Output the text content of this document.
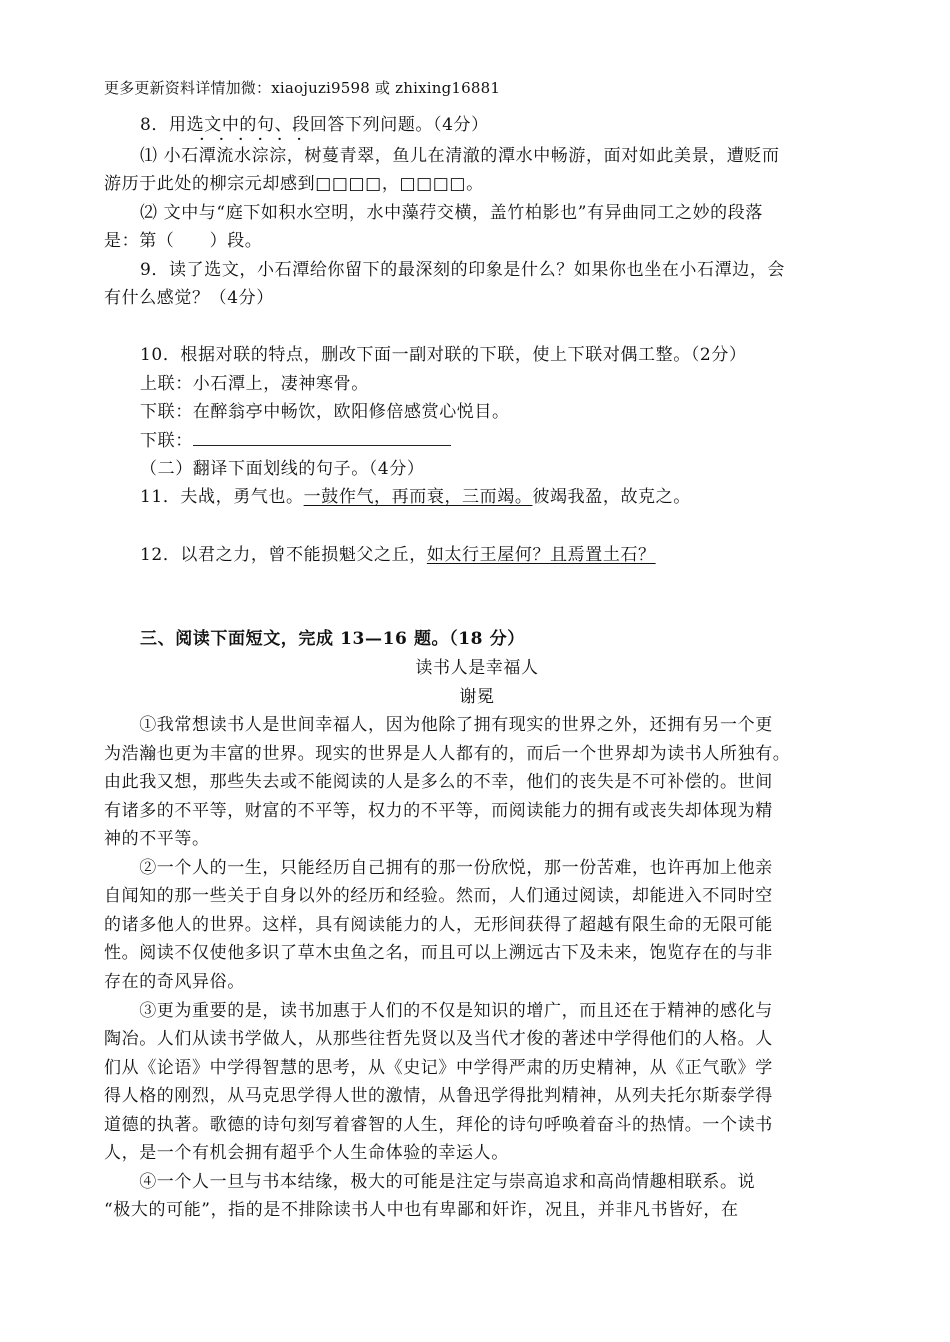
更多更新资料详情加微：xiaojuzi9598 或 zhixing16881
· · · · · ·
8．用选文中的句、段回答下列问题。（4分）
⑴ 小石潭流水淙淙，树蔓青翠，鱼儿在清澈的潭水中畅游，面对如此美景，遭贬而
游历于此处的柳宗元却感到□□□□，□□□□。
⑵ 文中与“庭下如积水空明，水中藻荇交横，盖竹柏影也”有异曲同工之妙的段落
是：第（　　）段。
9．读了选文，小石潭给你留下的最深刻的印象是什么？如果你也坐在小石潭边，会
有什么感觉？（4分）
10．根据对联的特点，删改下面一副对联的下联，使上下联对偶工整。（2分）
上联：小石潭上，凄神寒骨。
下联：在醉翁亭中畅饮，欧阳修倍感赏心悦目。
下联：
（二）翻译下面划线的句子。（4分）
11．夫战，勇气也。一鼓作气，再而衰，三而竭。彼竭我盈，故克之。
12．以君之力，曾不能损魁父之丘，如太行王屋何？且焉置土石？
三、阅读下面短文，完成 13—16 题。（18 分）
读书人是幸福人
谢冕
　　①我常想读书人是世间幸福人，因为他除了拥有现实的世界之外，还拥有另一个更
为浩瀚也更为丰富的世界。现实的世界是人人都有的，而后一个世界却为读书人所独有。
由此我又想，那些失去或不能阅读的人是多么的不幸，他们的丧失是不可补偿的。世间
有诸多的不平等，财富的不平等，权力的不平等，而阅读能力的拥有或丧失却体现为精
神的不平等。
　　②一个人的一生，只能经历自己拥有的那一份欣悦，那一份苦难，也许再加上他亲
自闻知的那一些关于自身以外的经历和经验。然而，人们通过阅读，却能进入不同时空
的诸多他人的世界。这样，具有阅读能力的人，无形间获得了超越有限生命的无限可能
性。阅读不仅使他多识了草木虫鱼之名，而且可以上溯远古下及未来，饱览存在的与非
存在的奇风异俗。
　　③更为重要的是，读书加惠于人们的不仅是知识的增广，而且还在于精神的感化与
陶冶。人们从读书学做人，从那些往哲先贤以及当代才俊的著述中学得他们的人格。人
们从《论语》中学得智慧的思考，从《史记》中学得严肃的历史精神，从《正气歌》学
得人格的刚烈，从马克思学得人世的激情，从鲁迅学得批判精神，从列夫托尔斯泰学得
道德的执著。歌德的诗句刻写着睿智的人生，拜伦的诗句呼唤着奋斗的热情。一个读书
人，是一个有机会拥有超乎个人生命体验的幸运人。
　　④一个人一旦与书本结缘，极大的可能是注定与崇高追求和高尚情趣相联系。说
“极大的可能”，指的是不排除读书人中也有卑鄙和奸诈，况且，并非凡书皆好，在
